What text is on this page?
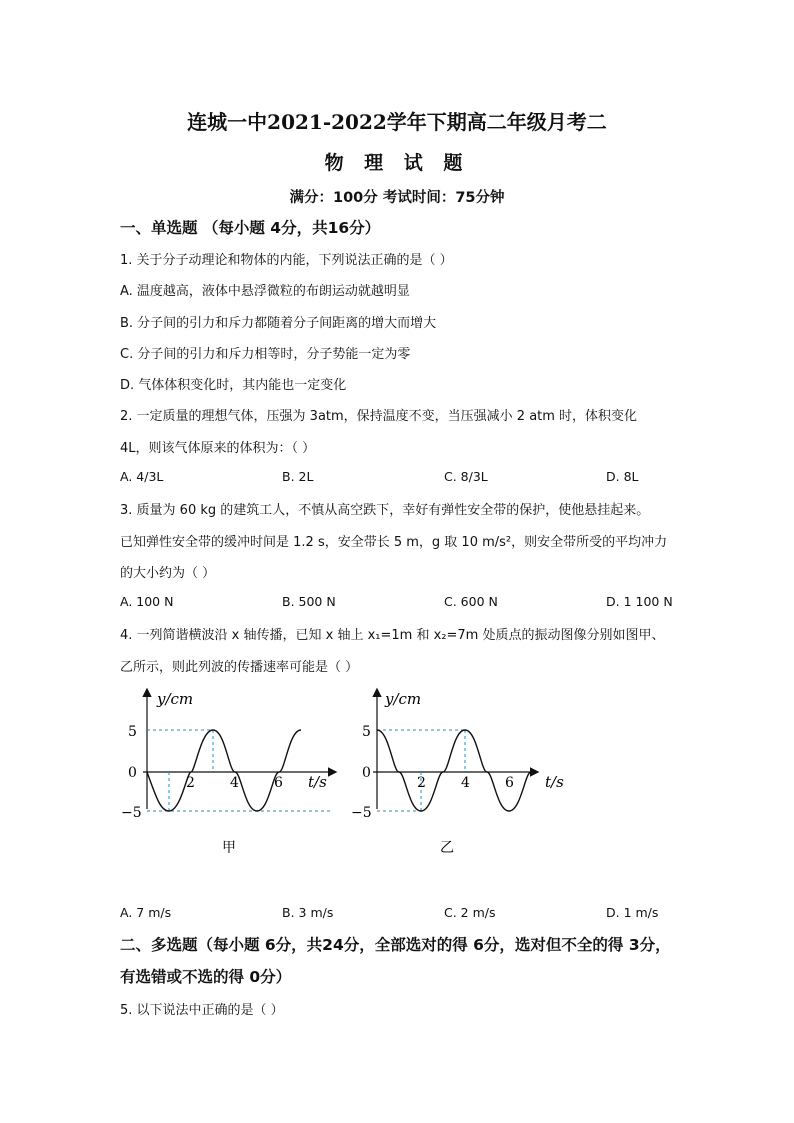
连城一中2021-2022学年下期高二年级月考二
物 理 试 题
满分：100分 考试时间：75分钟
一、单选题 （每小题 4分，共16分）
1. 关于分子动理论和物体的内能，下列说法正确的是（ ）
A. 温度越高，液体中悬浮微粒的布朗运动就越明显
B. 分子间的引力和斥力都随着分子间距离的增大而增大
C. 分子间的引力和斥力相等时，分子势能一定为零
D. 气体体积变化时，其内能也一定变化
2. 一定质量的理想气体，压强为 3atm，保持温度不变，当压强减小 2 atm 时，体积变化
4L，则该气体原来的体积为：（ ）
A. 4/3L	B. 2L	C. 8/3L	D. 8L
3. 质量为 60 kg 的建筑工人，不慎从高空跌下，幸好有弹性安全带的保护，使他悬挂起来。
已知弹性安全带的缓冲时间是 1.2 s，安全带长 5 m，g 取 10 m/s²，则安全带所受的平均冲力
的大小约为（ ）
A. 100 N	B. 500 N	C. 600 N	D. 1 100 N
4. 一列简谐横波沿 x 轴传播，已知 x 轴上 x₁=1m 和 x₂=7m 处质点的振动图像分别如图甲、
乙所示，则此列波的传播速率可能是（ ）
y/cm
5
0
−5
2	4	6 t/s
甲
y/cm
5
0
−5
2	4	6 t/s
乙
A. 7 m/s	B. 3 m/s	C. 2 m/s	D. 1 m/s
二、多选题（每小题 6分，共24分，全部选对的得 6分，选对但不全的得 3分，
有选错或不选的得 0分）
5. 以下说法中正确的是（ ）
